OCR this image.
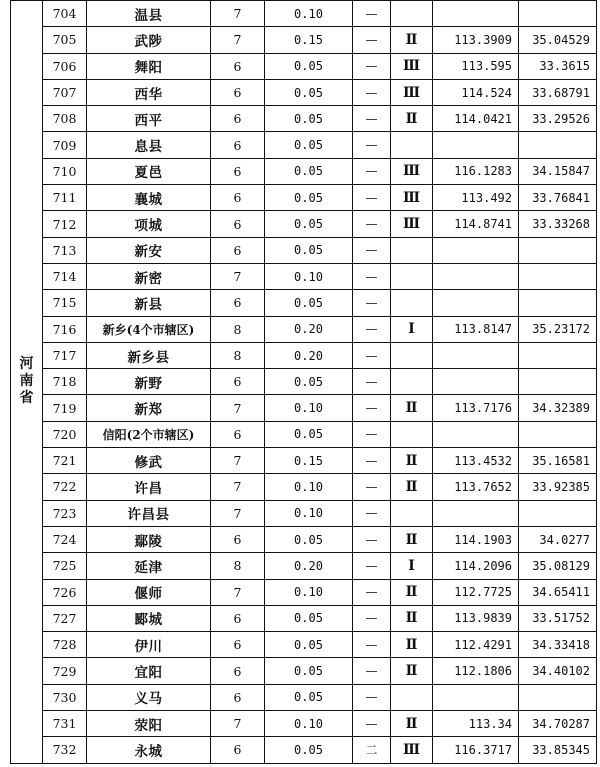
河
南
省	704	温县	7	0.10	—			
	705	武陟	7	0.15	—	Ⅱ	113.3909	35.04529
	706	舞阳	6	0.05	—	Ⅲ	113.595	33.3615
	707	西华	6	0.05	—	Ⅲ	114.524	33.68791
	708	西平	6	0.05	—	Ⅱ	114.0421	33.29526
	709	息县	6	0.05	—			
	710	夏邑	6	0.05	—	Ⅲ	116.1283	34.15847
	711	襄城	6	0.05	—	Ⅲ	113.492	33.76841
	712	项城	6	0.05	—	Ⅲ	114.8741	33.33268
	713	新安	6	0.05	—			
	714	新密	7	0.10	—			
	715	新县	6	0.05	—			
	716	新乡(4个市辖区)	8	0.20	—	Ⅰ	113.8147	35.23172
	717	新乡县	8	0.20	—			
	718	新野	6	0.05	—			
	719	新郑	7	0.10	—	Ⅱ	113.7176	34.32389
	720	信阳(2个市辖区)	6	0.05	—			
	721	修武	7	0.15	—	Ⅱ	113.4532	35.16581
	722	许昌	7	0.10	—	Ⅱ	113.7652	33.92385
	723	许昌县	7	0.10	—			
	724	鄢陵	6	0.05	—	Ⅱ	114.1903	34.0277
	725	延津	8	0.20	—	Ⅰ	114.2096	35.08129
	726	偃师	7	0.10	—	Ⅱ	112.7725	34.65411
	727	郾城	6	0.05	—	Ⅱ	113.9839	33.51752
	728	伊川	6	0.05	—	Ⅱ	112.4291	34.33418
	729	宜阳	6	0.05	—	Ⅱ	112.1806	34.40102
	730	义马	6	0.05	—			
	731	荥阳	7	0.10	—	Ⅱ	113.34	34.70287
	732	永城	6	0.05	二	Ⅲ	116.3717	33.85345
